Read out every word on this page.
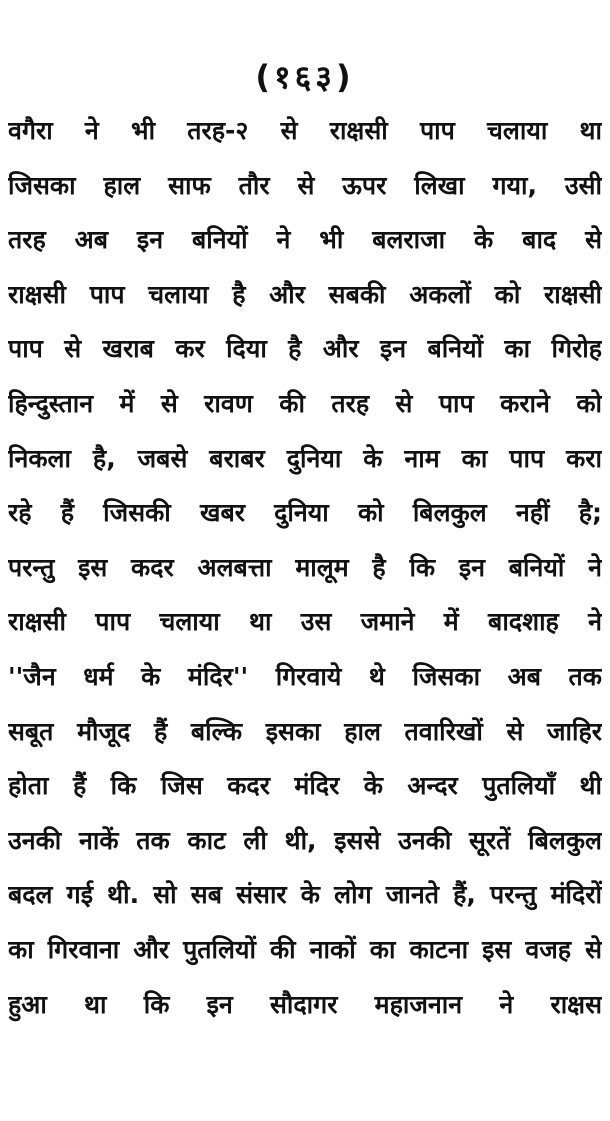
(१६३)
वगैरा ने भी तरह-२ से राक्षसी पाप चलाया था
जिसका हाल साफ तौर से ऊपर लिखा गया, उसी
तरह अब इन बनियों ने भी बलराजा के बाद से
राक्षसी पाप चलाया है और सबकी अकलों को राक्षसी
पाप से खराब कर दिया है और इन बनियों का गिरोह
हिन्दुस्तान में से रावण की तरह से पाप कराने को
निकला है, जबसे बराबर दुनिया के नाम का पाप करा
रहे हैं जिसकी खबर दुनिया को बिलकुल नहीं है;
परन्तु इस कदर अलबत्ता मालूम है कि इन बनियों ने
राक्षसी पाप चलाया था उस जमाने में बादशाह ने
''जैन धर्म के मंदिर'' गिरवाये थे जिसका अब तक
सबूत मौजूद हैं बल्कि इसका हाल तवारिखों से जाहिर
होता हैं कि जिस कदर मंदिर के अन्दर पुतलियाँ थी
उनकी नाकें तक काट ली थी, इससे उनकी सूरतें बिलकुल
बदल गई थी. सो सब संसार के लोग जानते हैं, परन्तु मंदिरों
का गिरवाना और पुतलियों की नाकों का काटना इस वजह से
हुआ था कि इन सौदागर महाजनान ने राक्षस
